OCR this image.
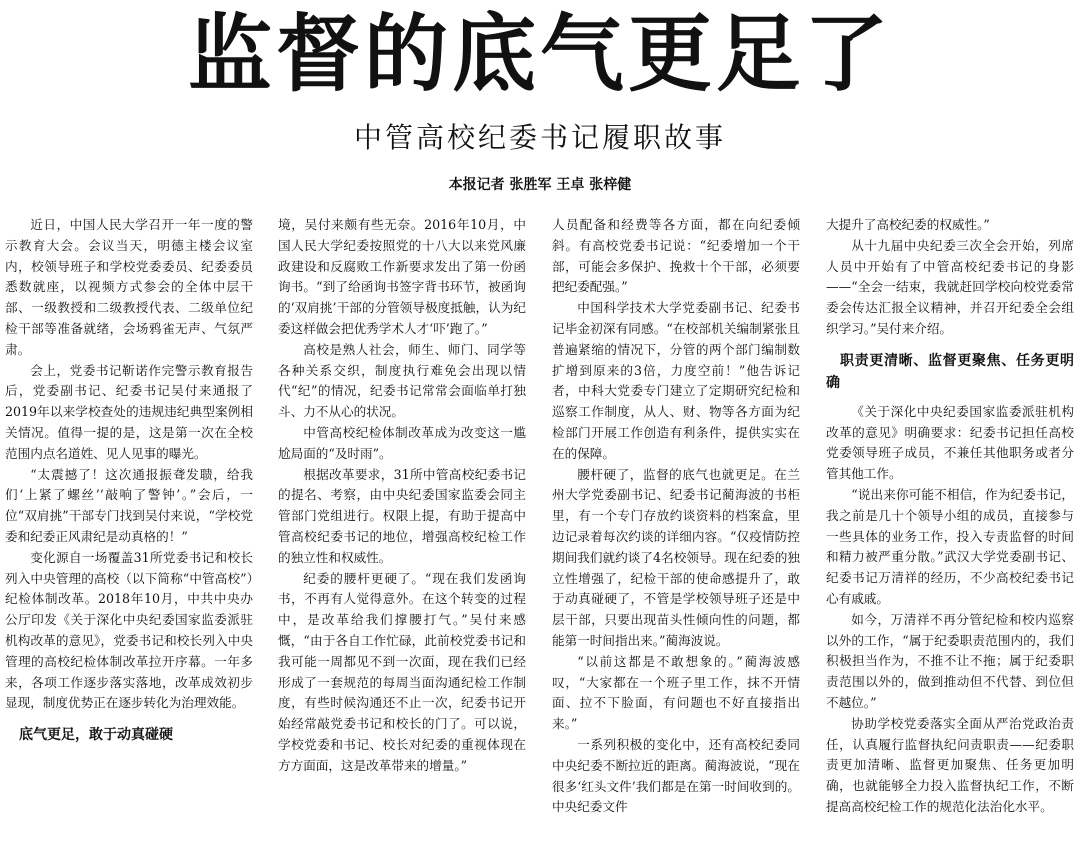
监督的底气更足了
中管高校纪委书记履职故事
本报记者 张胜军 王卓 张梓健

近日，中国人民大学召开一年一度的警示教育大会。会议当天，明德主楼会议室内，校领导班子和学校党委委员、纪委委员悉数就座，以视频方式参会的全体中层干部、一级教授和二级教授代表、二级单位纪检干部等准备就绪，会场鸦雀无声、气氛严肃。

会上，党委书记靳诺作完警示教育报告后，党委副书记、纪委书记吴付来通报了2019年以来学校查处的违规违纪典型案例相关情况。值得一提的是，这是第一次在全校范围内点名道姓、见人见事的曝光。

“太震撼了！这次通报振聋发聩，给我们‘上紧了螺丝’‘敲响了警钟’。”会后，一位“双肩挑”干部专门找到吴付来说，“学校党委和纪委正风肃纪是动真格的！”

变化源自一场覆盖31所党委书记和校长列入中央管理的高校（以下简称“中管高校”）纪检体制改革。2018年10月，中共中央办公厅印发《关于深化中央纪委国家监委派驻机构改革的意见》，党委书记和校长列入中央管理的高校纪检体制改革拉开序幕。一年多来，各项工作逐步落实落地，改革成效初步显现，制度优势正在逐步转化为治理效能。

底气更足，敢于动真碰硬

境，吴付来颇有些无奈。2016年10月，中国人民大学纪委按照党的十八大以来党风廉政建设和反腐败工作新要求发出了第一份函询书。“到了给函询书签字背书环节，被函询的‘双肩挑’干部的分管领导极度抵触，认为纪委这样做会把优秀学术人才‘吓’跑了。”

高校是熟人社会，师生、师门、同学等各种关系交织，制度执行难免会出现以情代“纪”的情况，纪委书记常常会面临单打独斗、力不从心的状况。

中管高校纪检体制改革成为改变这一尴尬局面的“及时雨”。

根据改革要求，31所中管高校纪委书记的提名、考察，由中央纪委国家监委会同主管部门党组进行。权限上提，有助于提高中管高校纪委书记的地位，增强高校纪检工作的独立性和权威性。

纪委的腰杆更硬了。“现在我们发函询书，不再有人觉得意外。在这个转变的过程中，是改革给我们撑腰打气。”吴付来感慨，“由于各自工作忙碌，此前校党委书记和我可能一周都见不到一次面，现在我们已经形成了一套规范的每周当面沟通纪检工作制度，有些时候沟通还不止一次，纪委书记开始经常敲党委书记和校长的门了。可以说，学校党委和书记、校长对纪委的重视体现在方方面面，这是改革带来的增量。”

人员配备和经费等各方面，都在向纪委倾斜。有高校党委书记说：“纪委增加一个干部，可能会多保护、挽救十个干部，必须要把纪委配强。”

中国科学技术大学党委副书记、纪委书记毕金初深有同感。“在校部机关编制紧张且普遍紧缩的情况下，分管的两个部门编制数扩增到原来的3倍，力度空前！”他告诉记者，中科大党委专门建立了定期研究纪检和巡察工作制度，从人、财、物等各方面为纪检部门开展工作创造有利条件，提供实实在在的保障。

腰杆硬了，监督的底气也就更足。在兰州大学党委副书记、纪委书记蔺海波的书柜里，有一个专门存放约谈资料的档案盒，里边记录着每次约谈的详细内容。“仅疫情防控期间我们就约谈了4名校领导。现在纪委的独立性增强了，纪检干部的使命感提升了，敢于动真碰硬了，不管是学校领导班子还是中层干部，只要出现苗头性倾向性的问题，都能第一时间指出来。”蔺海波说。

“以前这都是不敢想象的。”蔺海波感叹，“大家都在一个班子里工作，抹不开情面、拉不下脸面，有问题也不好直接指出来。”

一系列积极的变化中，还有高校纪委同中央纪委不断拉近的距离。蔺海波说，“现在很多‘红头文件’我们都是在第一时间收到的。中央纪委文件

大提升了高校纪委的权威性。”

从十九届中央纪委三次全会开始，列席人员中开始有了中管高校纪委书记的身影——“全会一结束，我就赶回学校向校党委常委会传达汇报全议精神，并召开纪委全会组织学习。”吴付来介绍。

职责更清晰、监督更聚焦、任务更明确

《关于深化中央纪委国家监委派驻机构改革的意见》明确要求：纪委书记担任高校党委领导班子成员，不兼任其他职务或者分管其他工作。

“说出来你可能不相信，作为纪委书记，我之前是几十个领导小组的成员，直接参与一些具体的业务工作，投入专责监督的时间和精力被严重分散。”武汉大学党委副书记、纪委书记万清祥的经历，不少高校纪委书记心有戚戚。

如今，万清祥不再分管纪检和校内巡察以外的工作，“属于纪委职责范围内的，我们积极担当作为，不推不让不拖；属于纪委职责范围以外的，做到推动但不代替、到位但不越位。”

协助学校党委落实全面从严治党政治责任，认真履行监督执纪问责职责——纪委职责更加清晰、监督更加聚焦、任务更加明确，也就能够全力投入监督执纪工作，不断提高高校纪检工作的规范化法治化水平。
